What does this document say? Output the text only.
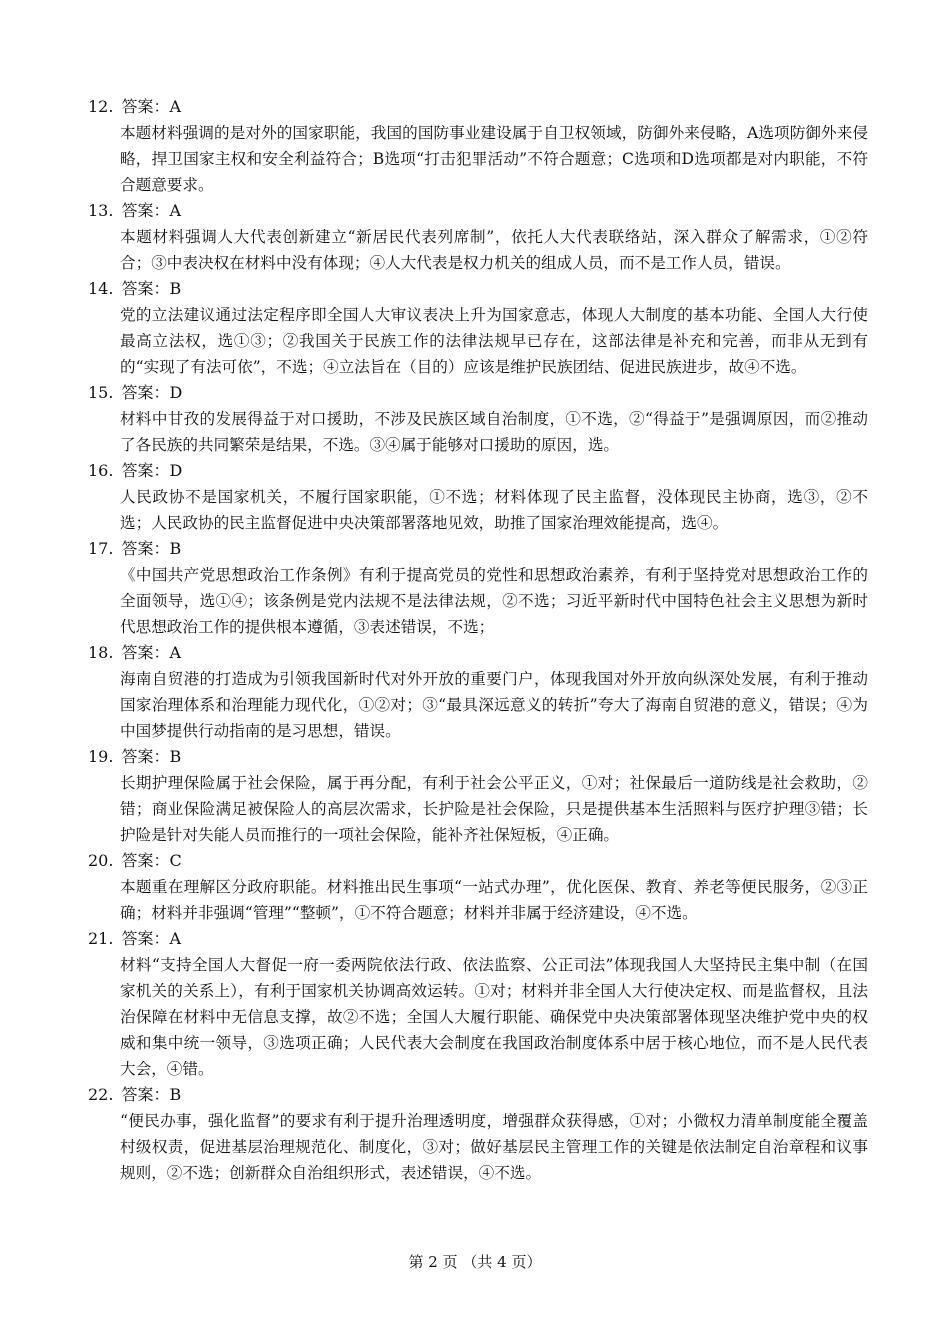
12. 答案：A
本题材料强调的是对外的国家职能，我国的国防事业建设属于自卫权领域，防御外来侵略，A选项防御外来侵略，捍卫国家主权和安全利益符合；B选项“打击犯罪活动”不符合题意；C选项和D选项都是对内职能，不符合题意要求。
13. 答案：A
本题材料强调人大代表创新建立“新居民代表列席制”，依托人大代表联络站，深入群众了解需求，①②符合；③中表决权在材料中没有体现；④人大代表是权力机关的组成人员，而不是工作人员，错误。
14. 答案：B
党的立法建议通过法定程序即全国人大审议表决上升为国家意志，体现人大制度的基本功能、全国人大行使最高立法权，选①③；②我国关于民族工作的法律法规早已存在，这部法律是补充和完善，而非从无到有的“实现了有法可依”，不选；④立法旨在（目的）应该是维护民族团结、促进民族进步，故④不选。
15. 答案：D
材料中甘孜的发展得益于对口援助，不涉及民族区域自治制度，①不选，②“得益于”是强调原因，而②推动了各民族的共同繁荣是结果，不选。③④属于能够对口援助的原因，选。
16. 答案：D
人民政协不是国家机关，不履行国家职能，①不选；材料体现了民主监督，没体现民主协商，选③，②不选；人民政协的民主监督促进中央决策部署落地见效，助推了国家治理效能提高，选④。
17. 答案：B
《中国共产党思想政治工作条例》有利于提高党员的党性和思想政治素养，有利于坚持党对思想政治工作的全面领导，选①④；该条例是党内法规不是法律法规，②不选；习近平新时代中国特色社会主义思想为新时代思想政治工作的提供根本遵循，③表述错误，不选；
18. 答案：A
海南自贸港的打造成为引领我国新时代对外开放的重要门户，体现我国对外开放向纵深处发展，有利于推动国家治理体系和治理能力现代化，①②对；③“最具深远意义的转折”夸大了海南自贸港的意义，错误；④为中国梦提供行动指南的是习思想，错误。
19. 答案：B
长期护理保险属于社会保险，属于再分配，有利于社会公平正义，①对；社保最后一道防线是社会救助，②错；商业保险满足被保险人的高层次需求，长护险是社会保险，只是提供基本生活照料与医疗护理③错；长护险是针对失能人员而推行的一项社会保险，能补齐社保短板，④正确。
20. 答案：C
本题重在理解区分政府职能。材料推出民生事项“一站式办理”，优化医保、教育、养老等便民服务，②③正确；材料并非强调“管理”“整顿”，①不符合题意；材料并非属于经济建设，④不选。
21. 答案：A
材料“支持全国人大督促一府一委两院依法行政、依法监察、公正司法”体现我国人大坚持民主集中制（在国家机关的关系上），有利于国家机关协调高效运转。①对；材料并非全国人大行使决定权、而是监督权，且法治保障在材料中无信息支撑，故②不选；全国人大履行职能、确保党中央决策部署体现坚决维护党中央的权威和集中统一领导，③选项正确；人民代表大会制度在我国政治制度体系中居于核心地位，而不是人民代表大会，④错。
22. 答案：B
“便民办事，强化监督”的要求有利于提升治理透明度，增强群众获得感，①对；小微权力清单制度能全覆盖村级权责，促进基层治理规范化、制度化，③对；做好基层民主管理工作的关键是依法制定自治章程和议事规则，②不选；创新群众自治组织形式，表述错误，④不选。
第 2 页 （共 4 页）
